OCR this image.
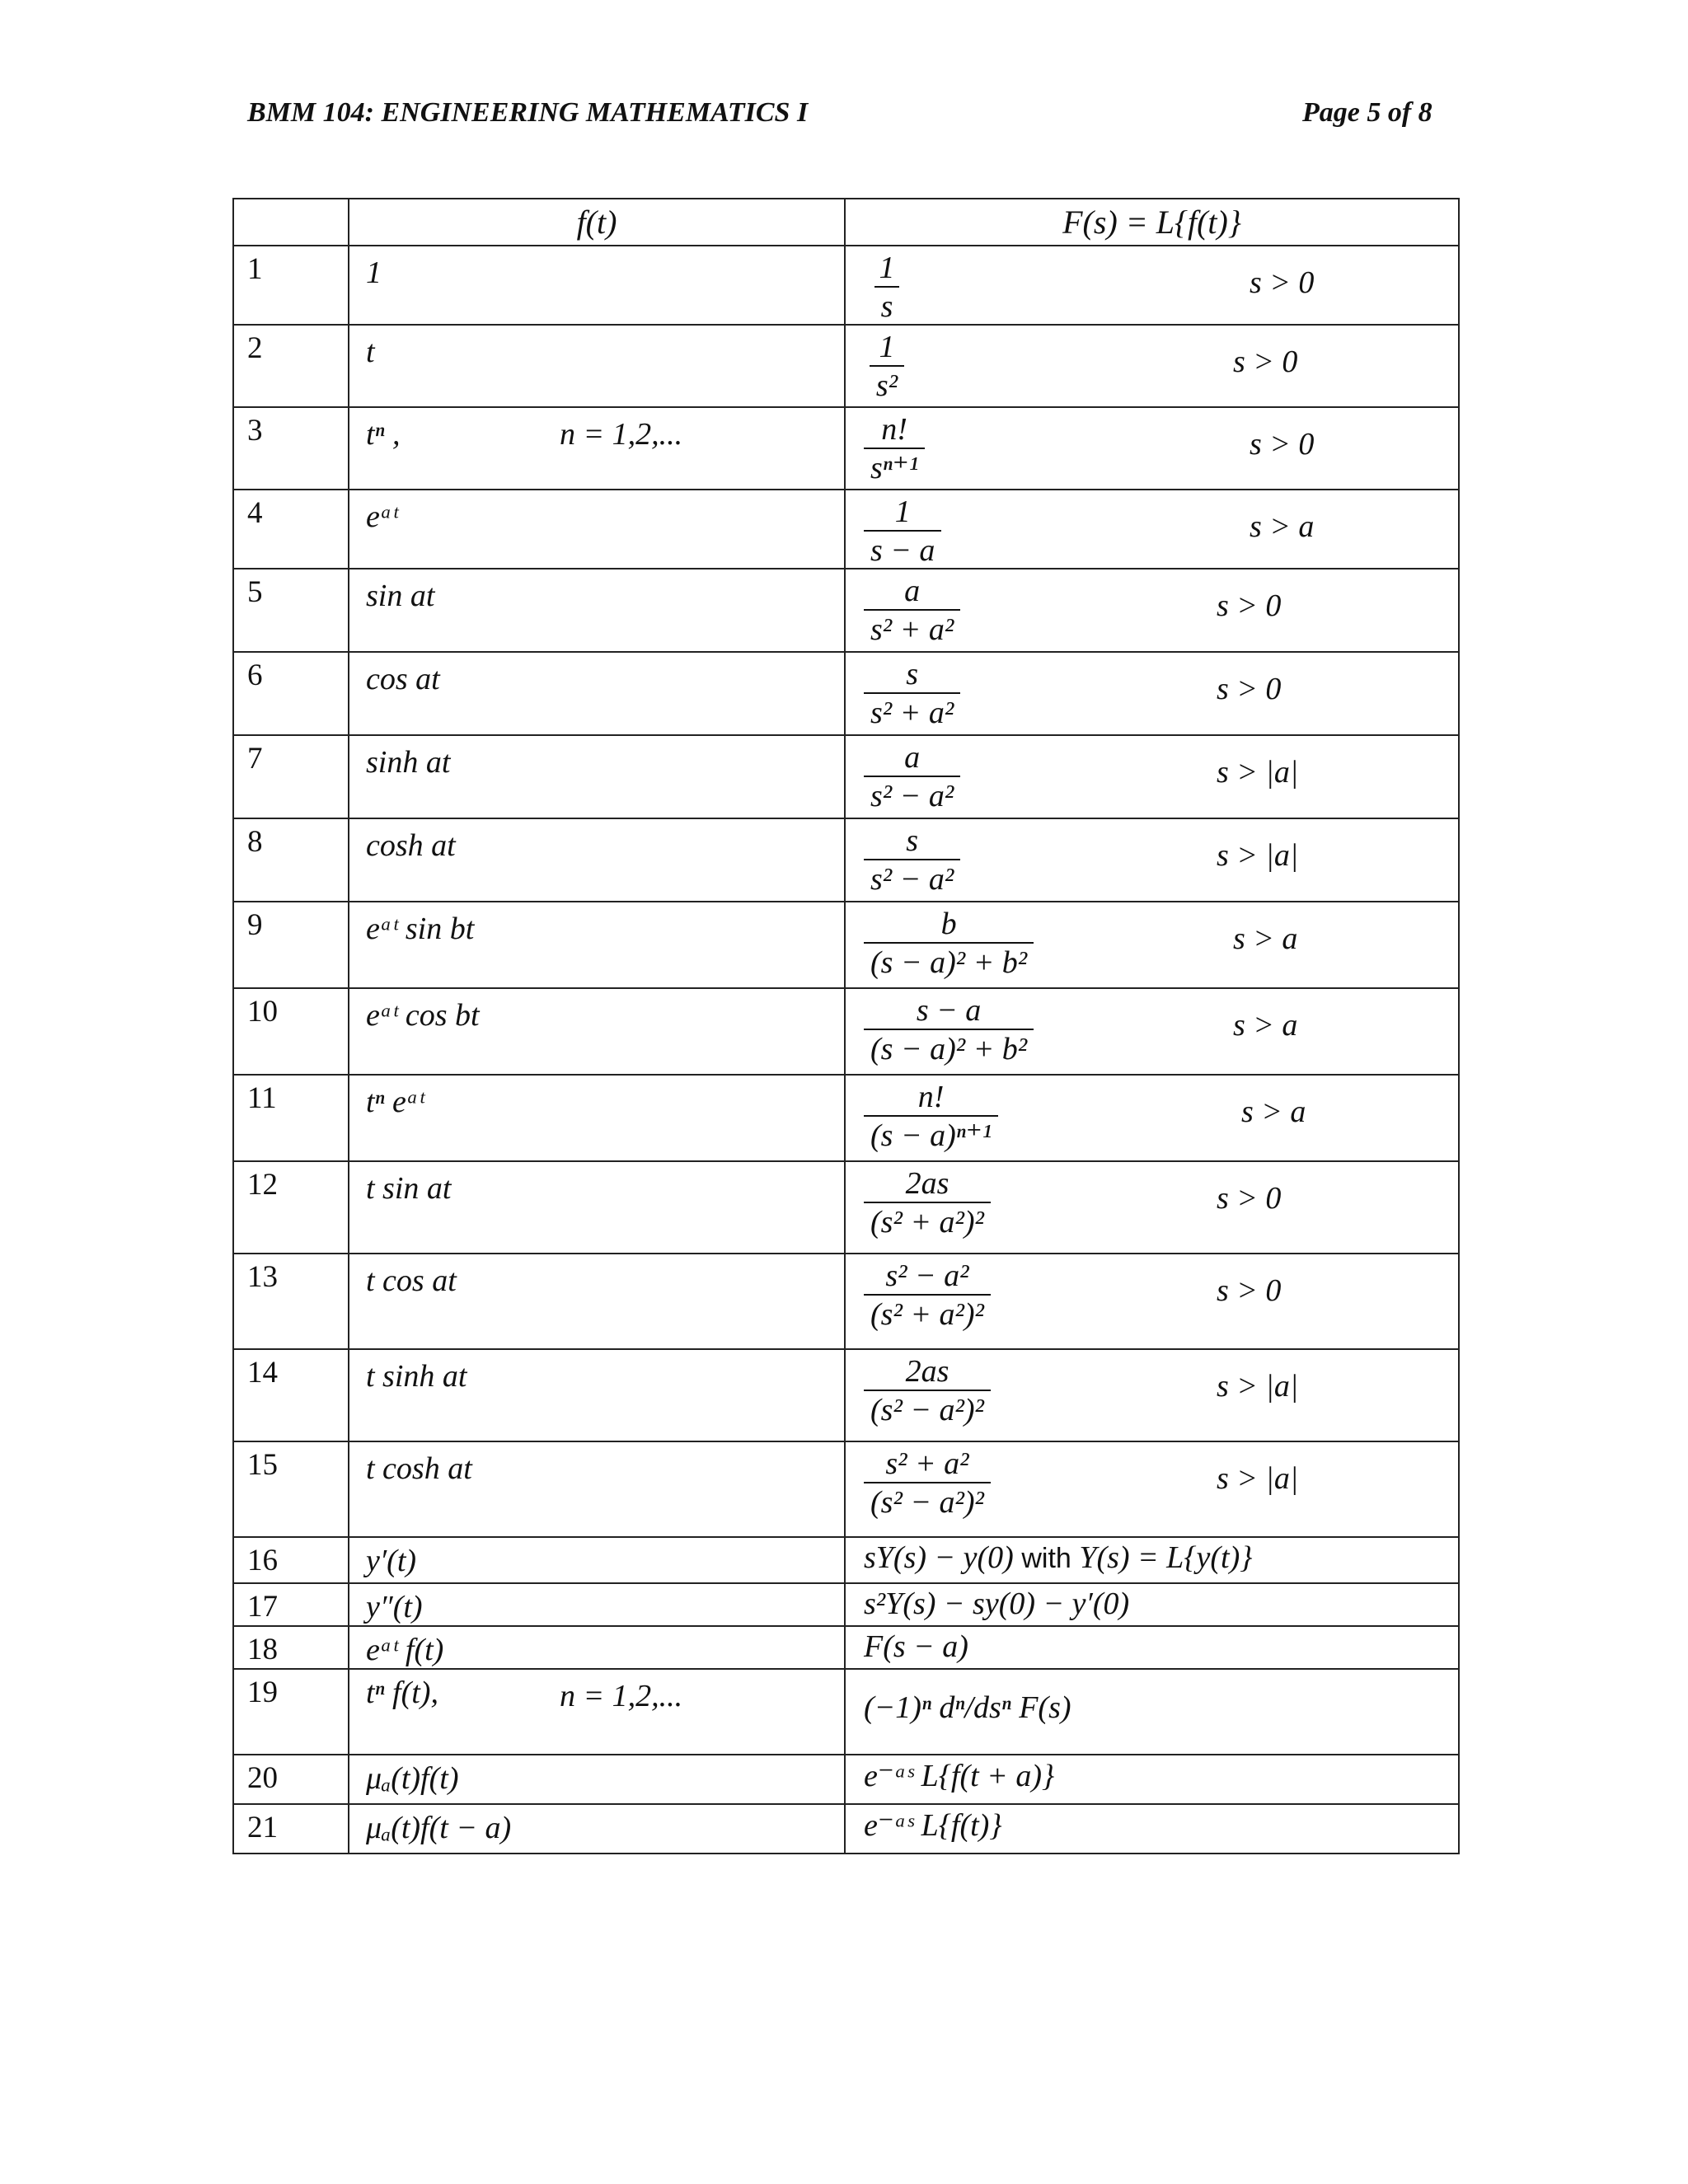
BMM 104: ENGINEERING MATHEMATICS I	Page 5 of 8
	f(t)	F(s) = L{f(t)}
1	1	$\frac{1}{s}$ s > 0

2	t	$\frac{1}{\text{s²}}$ s > 0

3	tⁿ , n = 1,2,...	$\frac{n!}{\text{sⁿ⁺¹}}$ s > 0

4	eᵃᵗ	$\frac{1}{s - a}$ s > a

5	sin at	$\frac{a}{\text{s² + a²}}$ s > 0

6	cos at	$\frac{s}{\text{s² + a²}}$ s > 0

7	sinh at	$\frac{a}{\text{s² − a²}}$ s > |a|

8	cosh at	$\frac{s}{\text{s² − a²}}$ s > |a|

9	eᵃᵗ sin bt	$\frac{b}{\text{(s − a)² + b²}}$ s > a

10	eᵃᵗ cos bt	$\frac{s - a}{\text{(s − a)² + b²}}$ s > a

11	tⁿ eᵃᵗ	$\frac{n!}{\text{(s − a)ⁿ⁺¹}}$ s > a

12	t sin at	$\frac{2as}{\text{(s² + a²)²}}$ s > 0

13	t cos at	$\frac{\text{s² − a²}}{\text{(s² + a²)²}}$ s > 0

14	t sinh at	$\frac{2as}{\text{(s² − a²)²}}$ s > |a|

15	t cosh at	$\frac{\text{s² + a²}}{\text{(s² − a²)²}}$ s > |a|

16	y′(t)	sY(s) − y(0) with Y(s) = L{y(t)}

17	y″(t)	s²Y(s) − sy(0) − y′(0)

18	eᵃᵗ f(t)	F(s − a)

19	tⁿ f(t), n = 1,2,...	(−1)ⁿ dⁿ/dsⁿ F(s)

20	μₐ(t)f(t)	e⁻ᵃˢ L{f(t + a)}

21	μₐ(t)f(t − a)	e⁻ᵃˢ L{f(t)}
